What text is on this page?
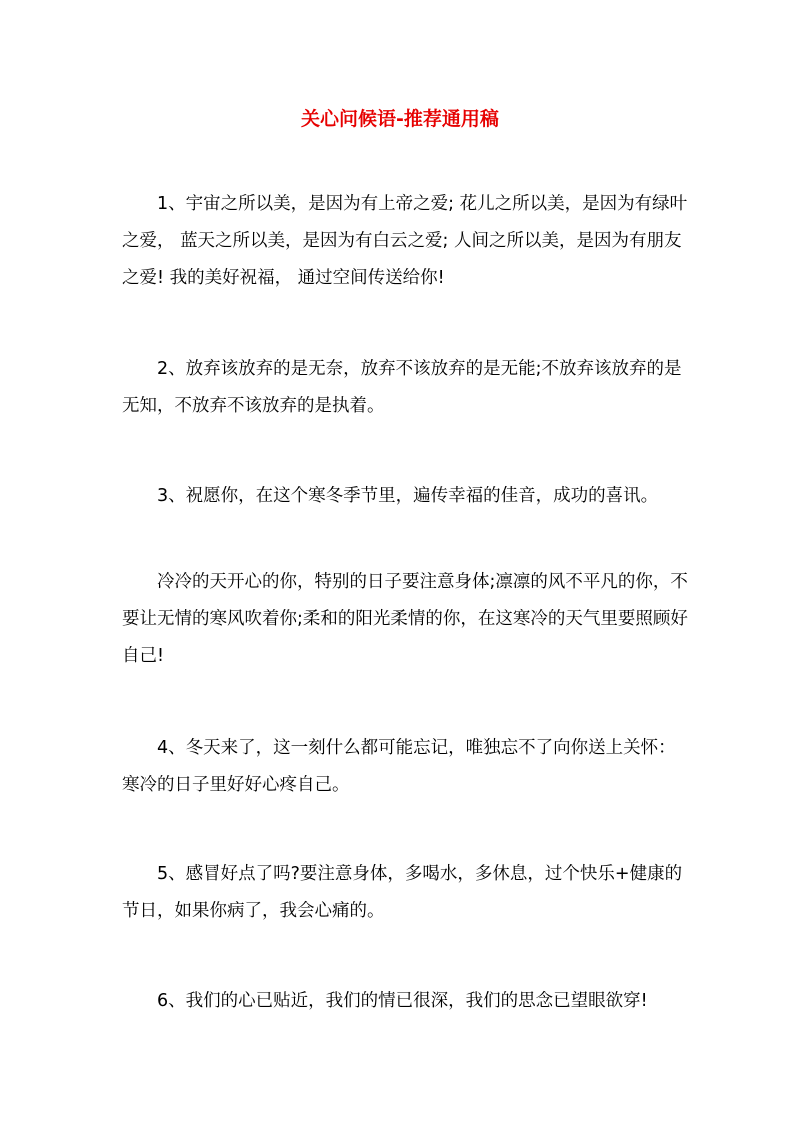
关心问候语-推荐通用稿

1、宇宙之所以美，是因为有上帝之爱; 花儿之所以美，是因为有绿叶之爱， 蓝天之所以美，是因为有白云之爱; 人间之所以美，是因为有朋友之爱! 我的美好祝福， 通过空间传送给你!

2、放弃该放弃的是无奈，放弃不该放弃的是无能;不放弃该放弃的是无知，不放弃不该放弃的是执着。

3、祝愿你，在这个寒冬季节里，遍传幸福的佳音，成功的喜讯。

冷冷的天开心的你，特别的日子要注意身体;凛凛的风不平凡的你，不要让无情的寒风吹着你;柔和的阳光柔情的你，在这寒冷的天气里要照顾好自己!

4、冬天来了，这一刻什么都可能忘记，唯独忘不了向你送上关怀：寒冷的日子里好好心疼自己。

5、感冒好点了吗?要注意身体，多喝水，多休息，过个快乐+健康的节日，如果你病了，我会心痛的。

6、我们的心已贴近，我们的情已很深，我们的思念已望眼欲穿!
